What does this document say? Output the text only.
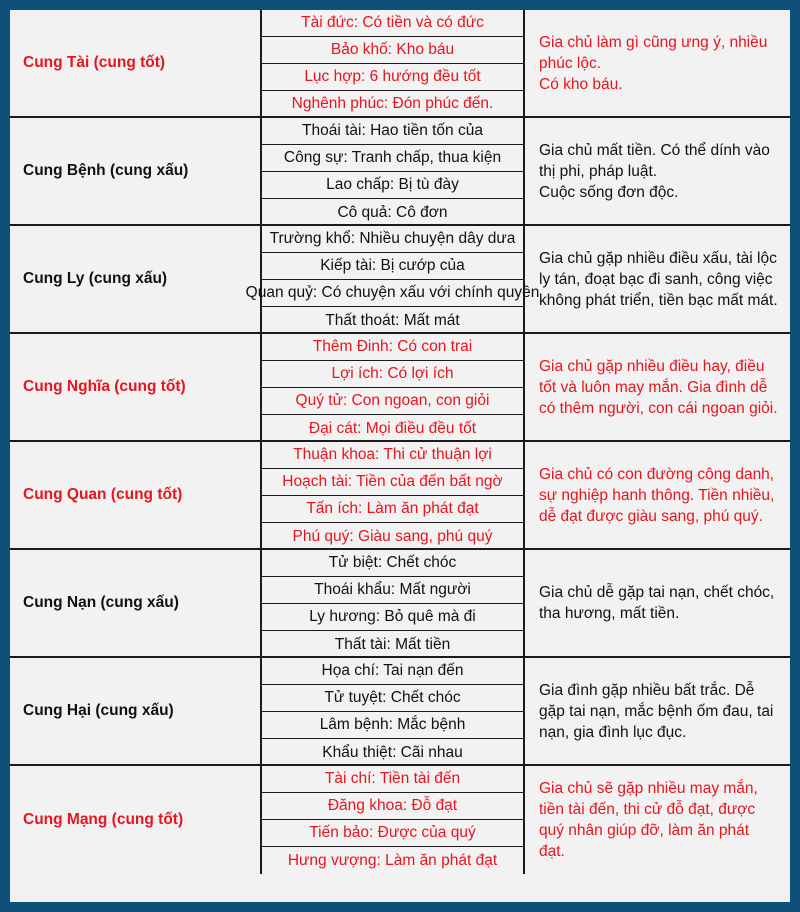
Cung Tài (cung tốt)
Tài đức: Có tiền và có đức
Bảo khố: Kho báu
Lục hợp: 6 hướng đều tốt
Nghênh phúc: Đón phúc đến.
Gia chủ làm gì cũng ưng ý, nhiều phúc lộc.
Có kho báu.
Cung Bệnh (cung xấu)
Thoái tài: Hao tiền tốn của
Công sự: Tranh chấp, thua kiện
Lao chấp: Bị tù đày
Cô quả: Cô đơn
Gia chủ mất tiền. Có thể dính vào thị phi, pháp luật.
Cuộc sống đơn độc.
Cung Ly (cung xấu)
Trường khổ: Nhiều chuyện dây dưa
Kiếp tài: Bị cướp của
Quan quỷ: Có chuyện xấu với chính quyền
Thất thoát: Mất mát
Gia chủ gặp nhiều điều xấu, tài lộc ly tán, đoạt bạc đi sanh, công việc không phát triển, tiền bạc mất mát.
Cung Nghĩa (cung tốt)
Thêm Đinh: Có con trai
Lợi ích: Có lợi ích
Quý tử: Con ngoan, con giỏi
Đại cát: Mọi điều đều tốt
Gia chủ gặp nhiều điều hay, điều tốt và luôn may mắn. Gia đình dễ có thêm người, con cái ngoan giỏi.
Cung Quan (cung tốt)
Thuận khoa: Thi cử thuận lợi
Hoạch tài: Tiền của đến bất ngờ
Tấn ích: Làm ăn phát đạt
Phú quý: Giàu sang, phú quý
Gia chủ có con đường công danh, sự nghiệp hanh thông. Tiền nhiều, dễ đạt được giàu sang, phú quý.
Cung Nạn (cung xấu)
Tử biệt: Chết chóc
Thoái khẩu: Mất người
Ly hương: Bỏ quê mà đi
Thất tài: Mất tiền
Gia chủ dễ gặp tai nạn, chết chóc, tha hương, mất tiền.
Cung Hại (cung xấu)
Họa chí: Tai nạn đến
Tử tuyệt: Chết chóc
Lâm bệnh: Mắc bệnh
Khẩu thiệt: Cãi nhau
Gia đình gặp nhiều bất trắc. Dễ gặp tai nạn, mắc bệnh ốm đau, tai nạn, gia đình lục đục.
Cung Mạng (cung tốt)
Tài chí: Tiền tài đến
Đăng khoa: Đỗ đạt
Tiến bảo: Được của quý
Hưng vượng: Làm ăn phát đạt
Gia chủ sẽ gặp nhiều may mắn, tiền tài đến, thi cử đỗ đạt, được quý nhân giúp đỡ, làm ăn phát đạt.
